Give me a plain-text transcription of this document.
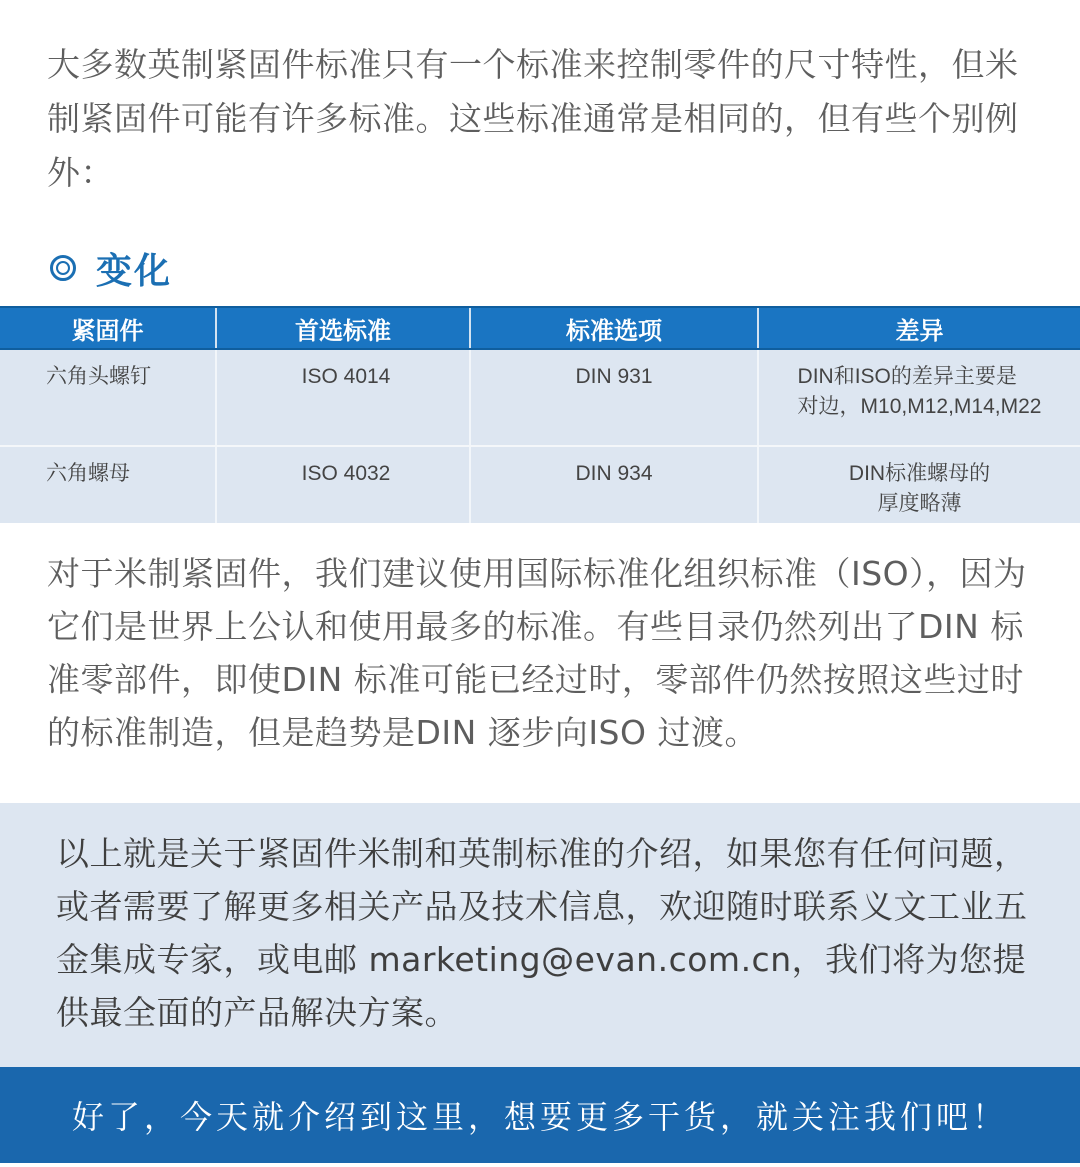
大多数英制紧固件标准只有一个标准来控制零件的尺寸特性，但米制紧固件可能有许多标准。这些标准通常是相同的，但有些个别例外：
变化
紧固件	首选标准	标准选项	差异
六角头螺钉	ISO 4014	DIN 931	DIN和ISO的差异主要是
对边，M10,M12,M14,M22
六角螺母	ISO 4032	DIN 934	DIN标准螺母的
厚度略薄
对于米制紧固件，我们建议使用国际标准化组织标准（ISO），因为它们是世界上公认和使用最多的标准。有些目录仍然列出了DIN 标准零部件，即使DIN 标准可能已经过时，零部件仍然按照这些过时的标准制造，但是趋势是DIN 逐步向ISO 过渡。
以上就是关于紧固件米制和英制标准的介绍，如果您有任何问题，或者需要了解更多相关产品及技术信息，欢迎随时联系义文工业五金集成专家，或电邮 marketing@evan.com.cn，我们将为您提供最全面的产品解决方案。
好了，今天就介绍到这里，想要更多干货，就关注我们吧！
